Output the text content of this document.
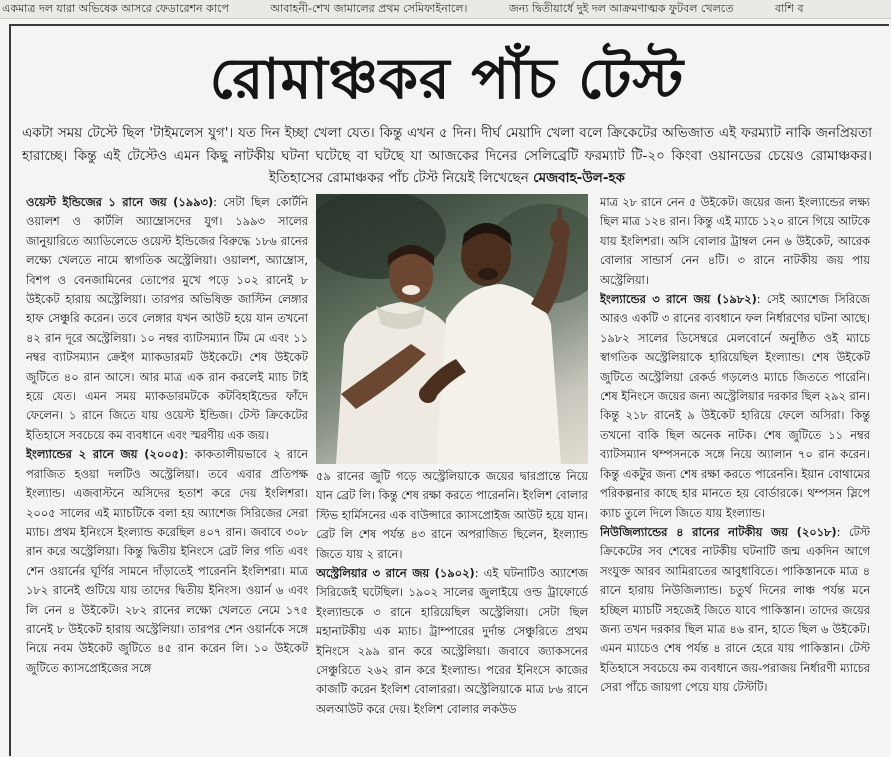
একমাত্র দল যারা অভিষেক আসরে ফেডারেশন কাপে	আবাহনী-শেখ জামালের প্রথম সেমিফাইনালে।	জন্য দ্বিতীয়ার্ধে দুই দল আক্রমণাত্মক ফুটবল খেলতে	বাশি ব
রোমাঞ্চকর পাঁচ টেস্ট
একটা সময় টেস্টে ছিল 'টাইমলেস যুগ'। যত দিন ইচ্ছা খেলা যেত। কিন্তু এখন ৫ দিন। দীর্ঘ মেয়াদি খেলা বলে ক্রিকেটের অভিজাত এই ফরম্যাট নাকি জনপ্রিয়তা হারাচ্ছে। কিন্তু এই টেস্টেও এমন কিছু নাটকীয় ঘটনা ঘটেছে বা ঘটছে যা আজকের দিনের সেলিব্রেটি ফরম্যাট টি-২০ কিংবা ওয়ানডের চেয়েও রোমাঞ্চকর। ইতিহাসের রোমাঞ্চকর পাঁচ টেস্ট নিয়েই লিখেছেন মেজবাহ-উল-হক

ওয়েস্ট ইন্ডিজের ১ রানে জয় (১৯৯৩): সেটা ছিল কোর্টনি ওয়ালশ ও কার্টলি অ্যাম্ব্রোসদের যুগ। ১৯৯৩ সালের জানুয়ারিতে অ্যাডিলেডে ওয়েস্ট ইন্ডিজের বিরুদ্ধে ১৮৬ রানের লক্ষ্যে খেলতে নামে স্বাগতিক অস্ট্রেলিয়া। ওয়ালশ, অ্যাম্ব্রোস, বিশপ ও বেনজামিনের তোপের মুখে পড়ে ১০২ রানেই ৮ উইকেট হারায় অস্ট্রেলিয়া। তারপর অভিষিক্ত জাস্টিন লেঙ্গার হাফ সেঞ্চুরি করেন। তবে লেঙ্গার যখন আউট হয়ে যান তখনো ৪২ রান দূরে অস্ট্রেলিয়া। ১০ নম্বর ব্যাটসম্যান টিম মে এবং ১১ নম্বর ব্যাটসম্যান ক্রেইগ ম্যাকডারমট উইকেটে। শেষ উইকেট জুটিতে ৪০ রান আসে। আর মাত্র এক রান করলেই ম্যাচ টাই হয়ে যেত। এমন সময় ম্যাকডারমটকে কটবিহাইন্ডের ফাঁদে ফেলেন। ১ রানে জিতে যায় ওয়েস্ট ইন্ডিজ। টেস্ট ক্রিকেটের ইতিহাসে সবচেয়ে কম ব্যবধানে এবং স্মরণীয় এক জয়।

ইংল্যান্ডের ২ রানে জয় (২০০৫): কাকতালীয়ভাবে ২ রানে পরাজিত হওয়া দলটিও অস্ট্রেলিয়া। তবে এবার প্রতিপক্ষ ইংল্যান্ড। এজবাস্টনে অসিদের হতাশ করে দেয় ইংলিশরা। ২০০৫ সালের এই ম্যাচটিকে বলা হয় অ্যাশেজ সিরিজের সেরা ম্যাচ। প্রথম ইনিংসে ইংল্যান্ড করেছিল ৪০৭ রান। জবাবে ৩০৮ রান করে অস্ট্রেলিয়া। কিন্তু দ্বিতীয় ইনিংসে ব্রেট লির গতি এবং শেন ওয়ার্নের ঘূর্ণির সামনে দাঁড়াতেই পারেননি ইংলিশরা। মাত্র ১৮২ রানেই গুটিয়ে যায় তাদের দ্বিতীয় ইনিংস। ওয়ার্ন ৬ এবং লি নেন ৪ উইকেট। ২৮২ রানের লক্ষ্যে খেলতে নেমে ১৭৫ রানেই ৮ উইকেট হারায় অস্ট্রেলিয়া। তারপর শেন ওয়ার্নকে সঙ্গে নিয়ে নবম উইকেট জুটিতে ৪৫ রান করেন লি। ১০ উইকেট জুটিতে ক্যাসপ্রোইজের সঙ্গে

৫৯ রানের জুটি গড়ে অস্ট্রেলিয়াকে জয়ের দ্বারপ্রান্তে নিয়ে যান ব্রেট লি। কিন্তু শেষ রক্ষা করতে পারেননি। ইংলিশ বোলার স্টিভ হার্মিসনের এক বাউন্সারে ক্যাসপ্রোইজ আউট হয়ে যান। ব্রেট লি শেষ পর্যন্ত ৪৩ রানে অপরাজিত ছিলেন, ইংল্যান্ড জিতে যায় ২ রানে।

অস্ট্রেলিয়ার ৩ রানে জয় (১৯০২): এই ঘটনাটিও অ্যাশেজ সিরিজেই ঘটেছিল। ১৯০২ সালের জুলাইয়ে ওল্ড ট্রাফোর্ডে ইংল্যান্ডকে ৩ রানে হারিয়েছিল অস্ট্রেলিয়া। সেটা ছিল মহানাটকীয় এক ম্যাচ। ট্রাম্পারের দুর্দান্ত সেঞ্চুরিতে প্রথম ইনিংসে ২৯৯ রান করে অস্ট্রেলিয়া। জবাবে জ্যাকসনের সেঞ্চুরিতে ২৬২ রান করে ইংল্যান্ড। পরের ইনিংসে কাজের কাজটি করেন ইংলিশ বোলাররা। অস্ট্রেলিয়াকে মাত্র ৮৬ রানে অলআউট করে দেয়। ইংলিশ বোলার লকউড

মাত্র ২৮ রানে নেন ৫ উইকেট। জয়ের জন্য ইংল্যান্ডের লক্ষ্য ছিল মাত্র ১২৪ রান। কিন্তু এই ম্যাচে ১২০ রানে গিয়ে আটকে যায় ইংলিশরা। অসি বোলার ট্রাম্বল নেন ৬ উইকেট, আরেক বোলার সান্ডার্স নেন ৪টি। ৩ রানে নাটকীয় জয় পায় অস্ট্রেলিয়া।

ইংল্যান্ডের ৩ রানে জয় (১৯৮২): সেই অ্যাশেজ সিরিজে আরও একটি ৩ রানের ব্যবধানে ফল নির্ধারণের ঘটনা আছে। ১৯৮২ সালের ডিসেম্বরে মেলবোর্নে অনুষ্ঠিত ওই ম্যাচে স্বাগতিক অস্ট্রেলিয়াকে হারিয়েছিল ইংল্যান্ড। শেষ উইকেট জুটিতে অস্ট্রেলিয়া রেকর্ড গড়লেও ম্যাচে জিততে পারেনি। শেষ ইনিংসে জয়ের জন্য অস্ট্রেলিয়ার দরকার ছিল ২৯২ রান। কিন্তু ২১৮ রানেই ৯ উইকেট হারিয়ে ফেলে অসিরা। কিন্তু তখনো বাকি ছিল অনেক নাটক। শেষ জুটিতে ১১ নম্বর ব্যাটসম্যান থম্পসনকে সঙ্গে নিয়ে অ্যালান ৭০ রান করেন। কিন্তু একটুর জন্য শেষ রক্ষা করতে পারেননি। ইয়ান বোথামের পরিকল্পনার কাছে হার মানতে হয় বোর্ডারকে। থম্পসন স্লিপে ক্যাচ তুলে দিলে জিতে যায় ইংল্যান্ড।

নিউজিল্যান্ডের ৪ রানের নাটকীয় জয় (২০১৮): টেস্ট ক্রিকেটের সব শেষের নাটকীয় ঘটনাটি জন্ম একদিন আগে সংযুক্ত আরব আমিরাতের আবুধাবিতে। পাকিস্তানকে মাত্র ৪ রানে হারায় নিউজিল্যান্ড। চতুর্থ দিনের লাঞ্চ পর্যন্ত মনে হচ্ছিল ম্যাচটি সহজেই জিতে যাবে পাকিস্তান। তাদের জয়ের জন্য তখন দরকার ছিল মাত্র ৪৬ রান, হাতে ছিল ৬ উইকেট। এমন ম্যাচেও শেষ পর্যন্ত ৪ রানে হেরে যায় পাকিস্তান। টেস্ট ইতিহাসে সবচেয়ে কম ব্যবধানে জয়-পরাজয় নির্ধারণী ম্যাচের সেরা পাঁচে জায়গা পেয়ে যায় টেস্টটি।
